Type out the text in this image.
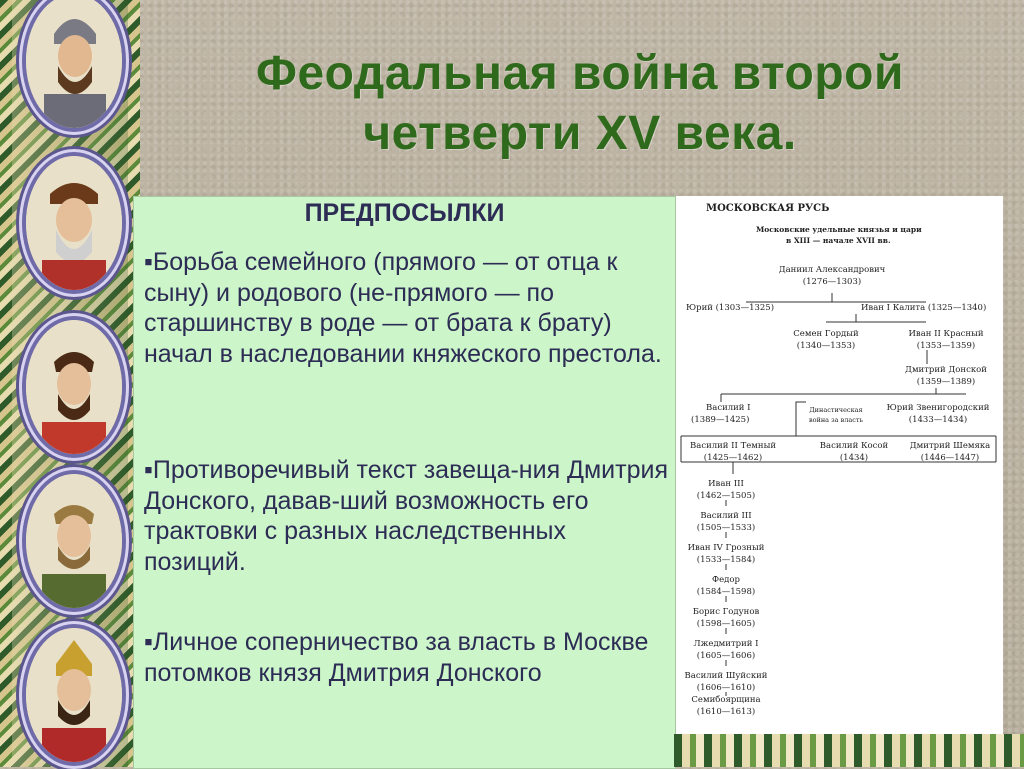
Феодальная война второй
четверти XV века.
ПРЕДПОСЫЛКИ

▪Борьба семейного (прямого — от отца к сыну) и родового (не-прямого — по старшинству в роде — от брата к брату) начал в наследовании княжеского престола.

▪Противоречивый текст завеща-ния Дмитрия Донского, давав-ший возможность его трактовки с разных наследственных позиций.

▪Личное соперничество за власть в Москве потомков князя Дмитрия Донского

МОСКОВСКАЯ РУСЬ
Московские удельные князья и цари
в XIII — начале XVII вв.
Даниил Александрович
(1276—1303)
Юрий (1303—1325)	Иван I Калита (1325—1340)
Семен Гордый
(1340—1353)
Иван II Красный
(1353—1359)
Дмитрий Донской
(1359—1389)
Василий I
(1389—1425)
Юрий Звенигородский
(1433—1434)
Династическая
война за власть
Василий II Темный
(1425—1462)
Василий Косой
(1434)
Дмитрий Шемяка
(1446—1447)
Иван III
(1462—1505)
Василий III
(1505—1533)
Иван IV Грозный
(1533—1584)
Федор
(1584—1598)
Борис Годунов
(1598—1605)
Лжедмитрий I
(1605—1606)
Василий Шуйский
(1606—1610)
Семибоярщина
(1610—1613)
